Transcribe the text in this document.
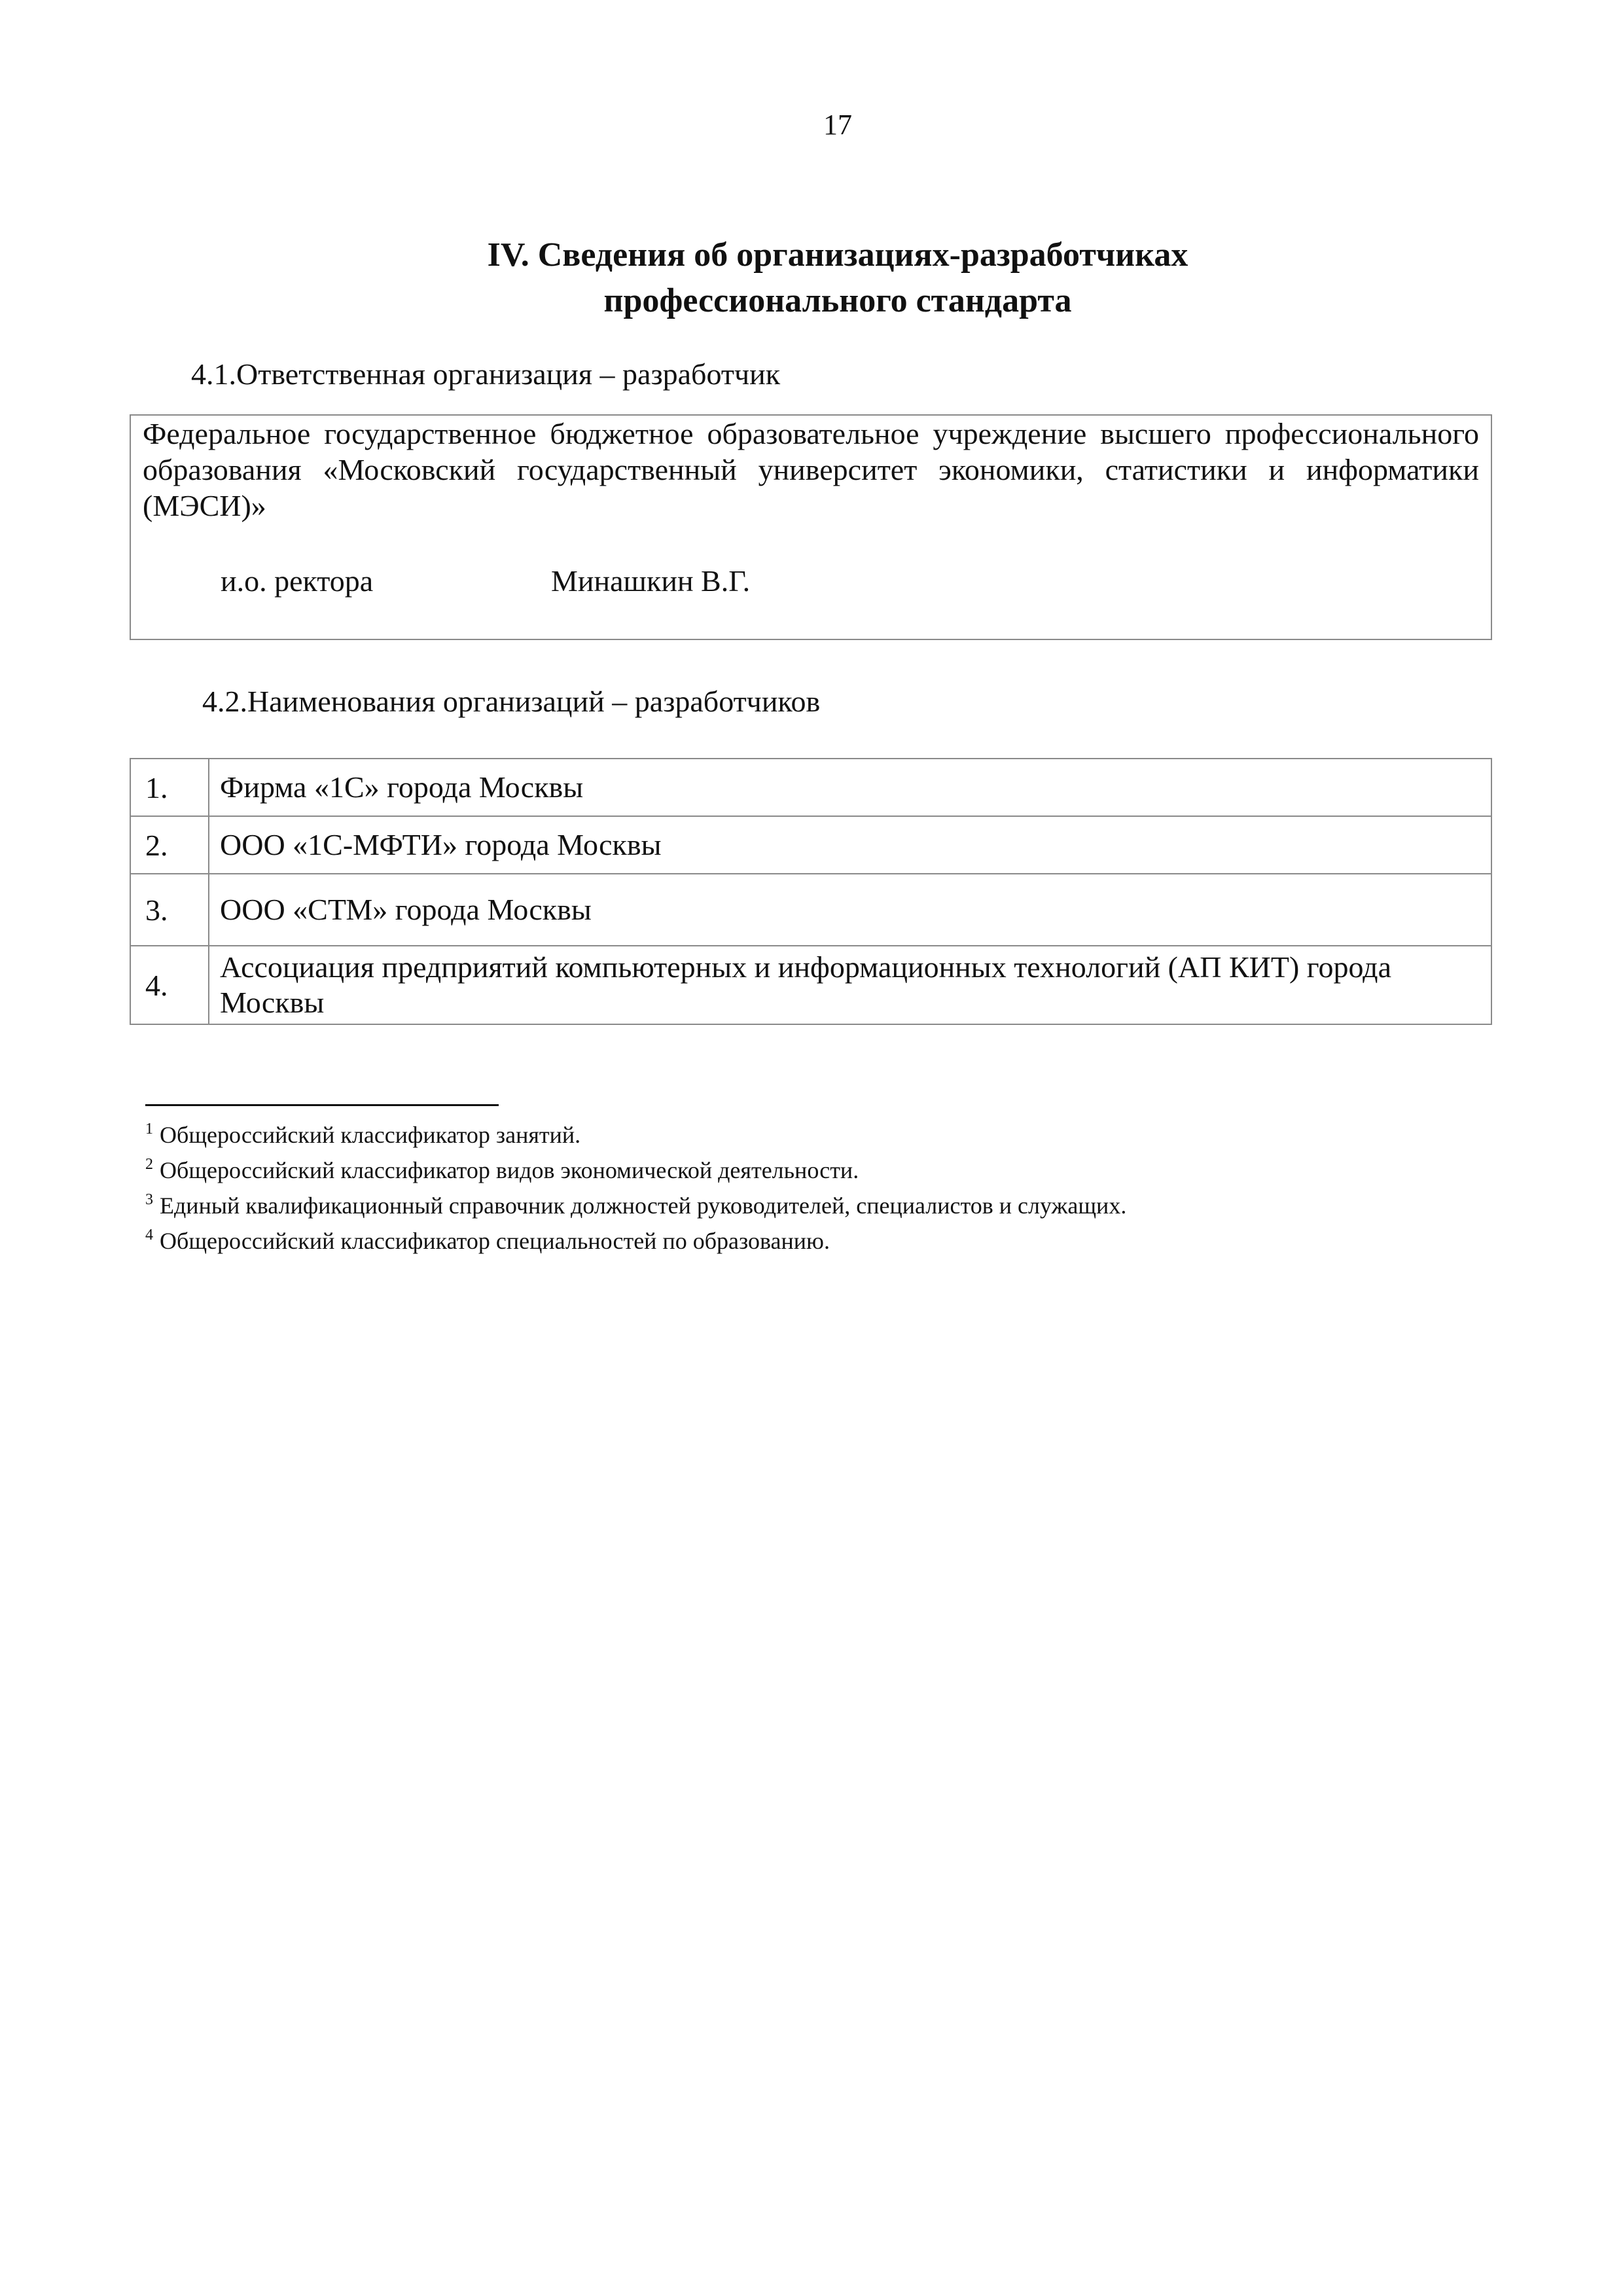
17
IV. Сведения об организациях-разработчиках
профессионального стандарта
4.1.Ответственная организация – разработчик
Федеральное государственное бюджетное образовательное учреждение высшего профессионального образования «Московский государственный университет экономики, статистики и информатики (МЭСИ)»
и.о. ректора	Минашкин В.Г.
4.2.Наименования организаций – разработчиков
1.	Фирма «1С» города Москвы
2.	ООО «1С-МФТИ» города Москвы
3.	ООО «СТМ» города Москвы
4.	Ассоциация предприятий компьютерных и информационных технологий (АП КИТ) города Москвы
$^1$ Общероссийский классификатор занятий.
$^2$ Общероссийский классификатор видов экономической деятельности.
$^3$ Единый квалификационный справочник должностей руководителей, специалистов и служащих.
$^4$ Общероссийский классификатор специальностей по образованию.
